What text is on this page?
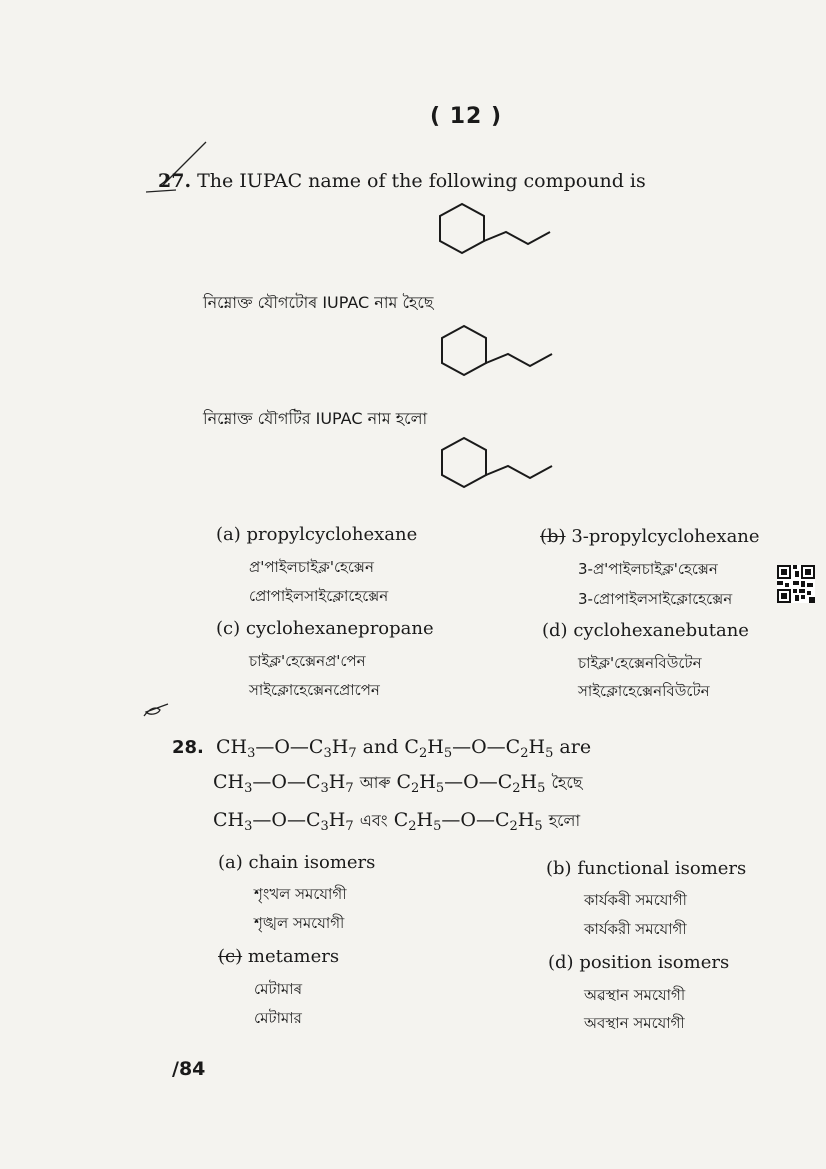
( 12 )
27. The IUPAC name of the following compound is
নিম্নোক্ত যৌগটোৰ IUPAC নাম হৈছে
নিম্নোক্ত যৌগটির IUPAC নাম হলো
(a) propylcyclohexane
প্ৰ'পাইলচাইক্ল'হেক্সেন
প্রোপাইলসাইক্লোহেক্সেন
(b) 3-propylcyclohexane
3-প্ৰ'পাইলচাইক্ল'হেক্সেন
3-প্রোপাইলসাইক্লোহেক্সেন
(c) cyclohexanepropane
চাইক্ল'হেক্সেনপ্ৰ'পেন
সাইক্লোহেক্সেনপ্রোপেন
(d) cyclohexanebutane
চাইক্ল'হেক্সেনবিউটেন
সাইক্লোহেক্সেনবিউটেন
28.  $CH_3—O—C_3H_7$ and $C_2H_5—O—C_2H_5$ are
$CH_3—O—C_3H_7$ আৰু $C_2H_5—O—C_2H_5$ হৈছে
$CH_3—O—C_3H_7$ এবং $C_2H_5—O—C_2H_5$ হলো
(a) chain isomers
শৃংখল সমযোগী
শৃঙ্খল সমযোগী
(b) functional isomers
কাৰ্যকৰী সমযোগী
কার্যকরী সমযোগী
(c) metamers
মেটামাৰ
মেটামার
(d) position isomers
অৱস্থান সমযোগী
অবস্থান সমযোগী
/84
